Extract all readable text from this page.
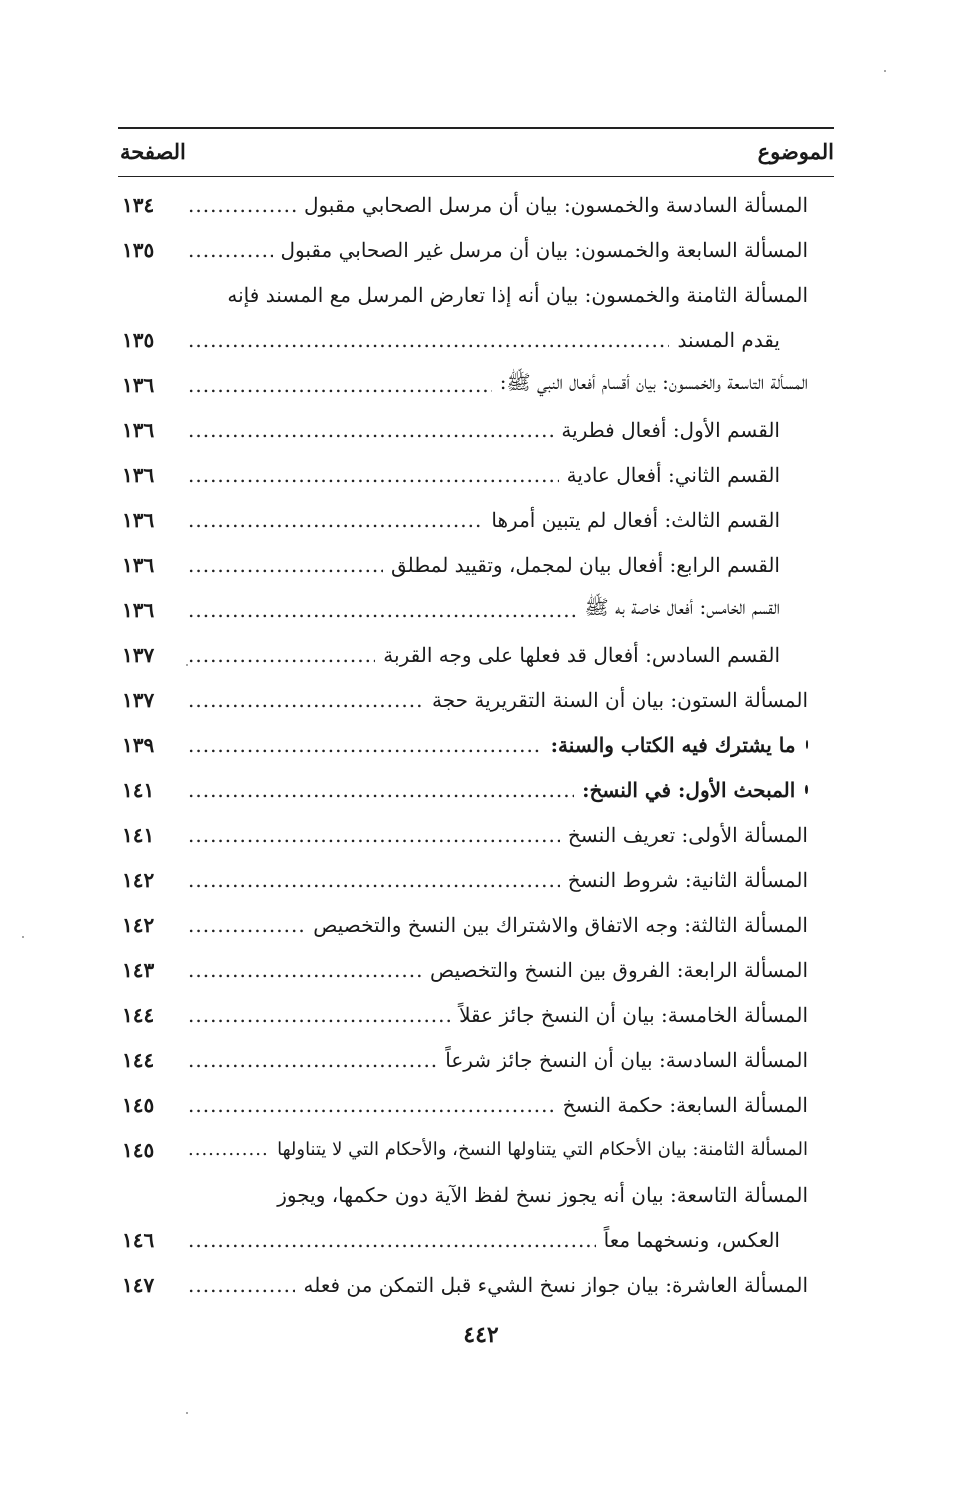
الموضوع
الصفحة
المسألة السادسة والخمسون: بيان أن مرسل الصحابي مقبول
.....
١٣٤
المسألة السابعة والخمسون: بيان أن مرسل غير الصحابي مقبول
.....
١٣٥
المسألة الثامنة والخمسون: بيان أنه إذا تعارض المرسل مع المسند فإنه
يقدم المسند
.....
١٣٥
المسألة التاسعة والخمسون: بيان أقسام أفعال النبي ﷺ:
.....
١٣٦
القسم الأول: أفعال فطرية
.....
١٣٦
القسم الثاني: أفعال عادية
.....
١٣٦
القسم الثالث: أفعال لم يتبين أمرها
.....
١٣٦
القسم الرابع: أفعال بيان لمجمل، وتقييد لمطلق
.....
١٣٦
القسم الخامس: أفعال خاصة به ﷺ
.....
١٣٦
القسم السادس: أفعال قد فعلها على وجه القربة
.....
١٣٧
المسألة الستون: بيان أن السنة التقريرية حجة
.....
١٣٧
ما يشترك فيه الكتاب والسنة:
.....
١٣٩
المبحث الأول: في النسخ:
.....
١٤١
المسألة الأولى: تعريف النسخ
.....
١٤١
المسألة الثانية: شروط النسخ
.....
١٤٢
المسألة الثالثة: وجه الاتفاق والاشتراك بين النسخ والتخصيص
.....
١٤٢
المسألة الرابعة: الفروق بين النسخ والتخصيص
.....
١٤٣
المسألة الخامسة: بيان أن النسخ جائز عقلاً
.....
١٤٤
المسألة السادسة: بيان أن النسخ جائز شرعاً
.....
١٤٤
المسألة السابعة: حكمة النسخ
.....
١٤٥
المسألة الثامنة: بيان الأحكام التي يتناولها النسخ، والأحكام التي لا يتناولها
.....
١٤٥
المسألة التاسعة: بيان أنه يجوز نسخ لفظ الآية دون حكمها، ويجوز
العكس، ونسخهما معاً
.....
١٤٦
المسألة العاشرة: بيان جواز نسخ الشيء قبل التمكن من فعله
.....
١٤٧
٤٤٢
